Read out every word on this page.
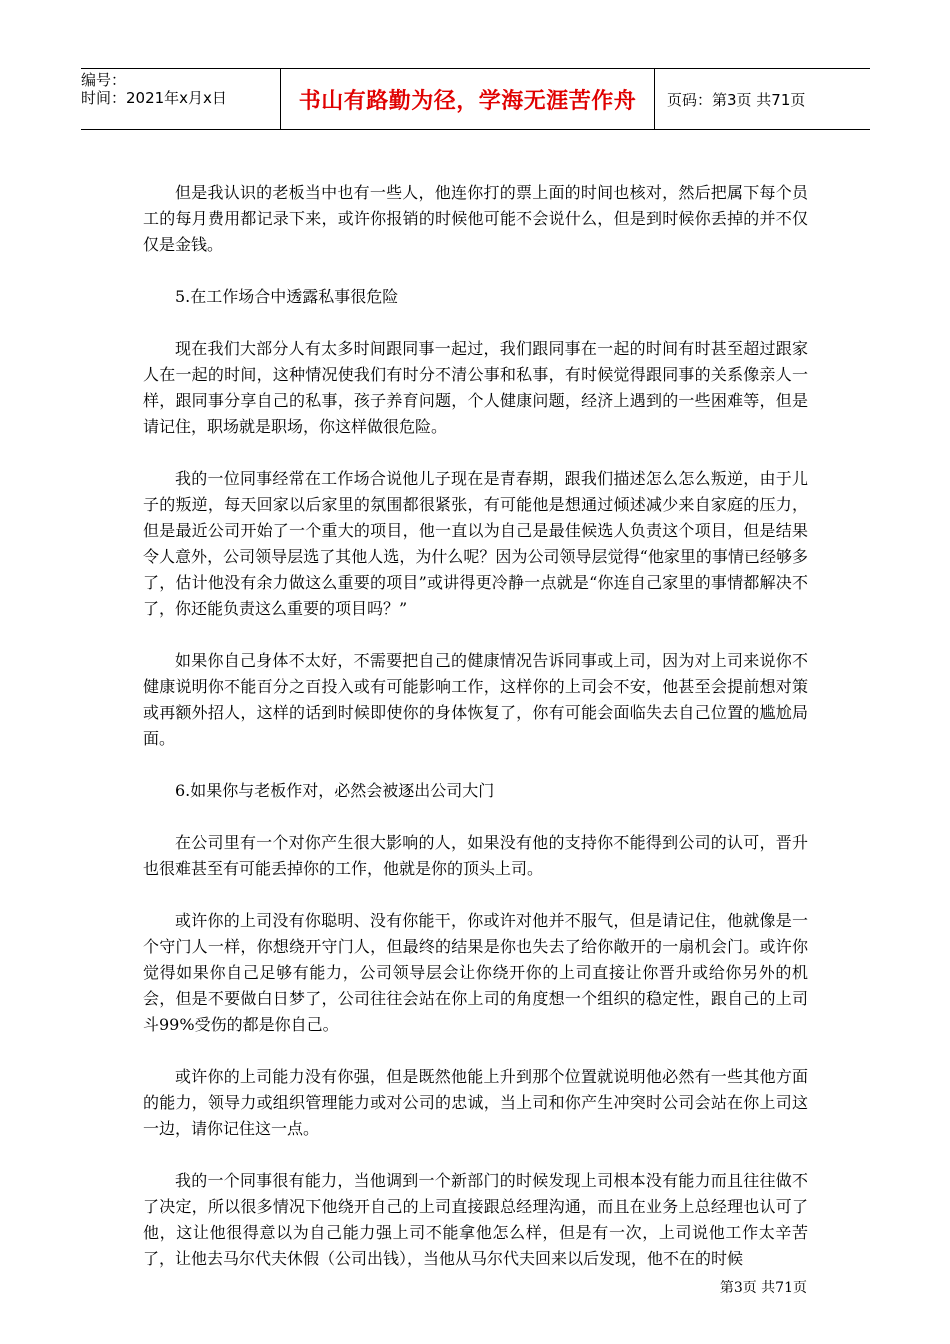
编号：
时间：2021年x月x日	书山有路勤为径，学海无涯苦作舟	页码：第3页 共71页

但是我认识的老板当中也有一些人，他连你打的票上面的时间也核对，然后把属下每个员工的每月费用都记录下来，或许你报销的时候他可能不会说什么，但是到时候你丢掉的并不仅仅是金钱。

5.在工作场合中透露私事很危险

现在我们大部分人有太多时间跟同事一起过，我们跟同事在一起的时间有时甚至超过跟家人在一起的时间，这种情况使我们有时分不清公事和私事，有时候觉得跟同事的关系像亲人一样，跟同事分享自己的私事，孩子养育问题，个人健康问题，经济上遇到的一些困难等，但是请记住，职场就是职场，你这样做很危险。

我的一位同事经常在工作场合说他儿子现在是青春期，跟我们描述怎么怎么叛逆，由于儿子的叛逆，每天回家以后家里的氛围都很紧张，有可能他是想通过倾述减少来自家庭的压力，但是最近公司开始了一个重大的项目，他一直以为自己是最佳候选人负责这个项目，但是结果令人意外，公司领导层选了其他人选，为什么呢？因为公司领导层觉得“他家里的事情已经够多了，估计他没有余力做这么重要的项目”或讲得更冷静一点就是“你连自己家里的事情都解决不了，你还能负责这么重要的项目吗？”

如果你自己身体不太好，不需要把自己的健康情况告诉同事或上司，因为对上司来说你不健康说明你不能百分之百投入或有可能影响工作，这样你的上司会不安，他甚至会提前想对策或再额外招人，这样的话到时候即使你的身体恢复了，你有可能会面临失去自己位置的尴尬局面。

6.如果你与老板作对，必然会被逐出公司大门

在公司里有一个对你产生很大影响的人，如果没有他的支持你不能得到公司的认可，晋升也很难甚至有可能丢掉你的工作，他就是你的顶头上司。

或许你的上司没有你聪明、没有你能干，你或许对他并不服气，但是请记住，他就像是一个守门人一样，你想绕开守门人，但最终的结果是你也失去了给你敞开的一扇机会门。或许你觉得如果你自己足够有能力，公司领导层会让你绕开你的上司直接让你晋升或给你另外的机会，但是不要做白日梦了，公司往往会站在你上司的角度想一个组织的稳定性，跟自己的上司斗99%受伤的都是你自己。

或许你的上司能力没有你强，但是既然他能上升到那个位置就说明他必然有一些其他方面的能力，领导力或组织管理能力或对公司的忠诚，当上司和你产生冲突时公司会站在你上司这一边，请你记住这一点。

我的一个同事很有能力，当他调到一个新部门的时候发现上司根本没有能力而且往往做不了决定，所以很多情况下他绕开自己的上司直接跟总经理沟通，而且在业务上总经理也认可了他，这让他很得意以为自己能力强上司不能拿他怎么样，但是有一次，上司说他工作太辛苦了，让他去马尔代夫休假（公司出钱），当他从马尔代夫回来以后发现，他不在的时候

第3页 共71页
